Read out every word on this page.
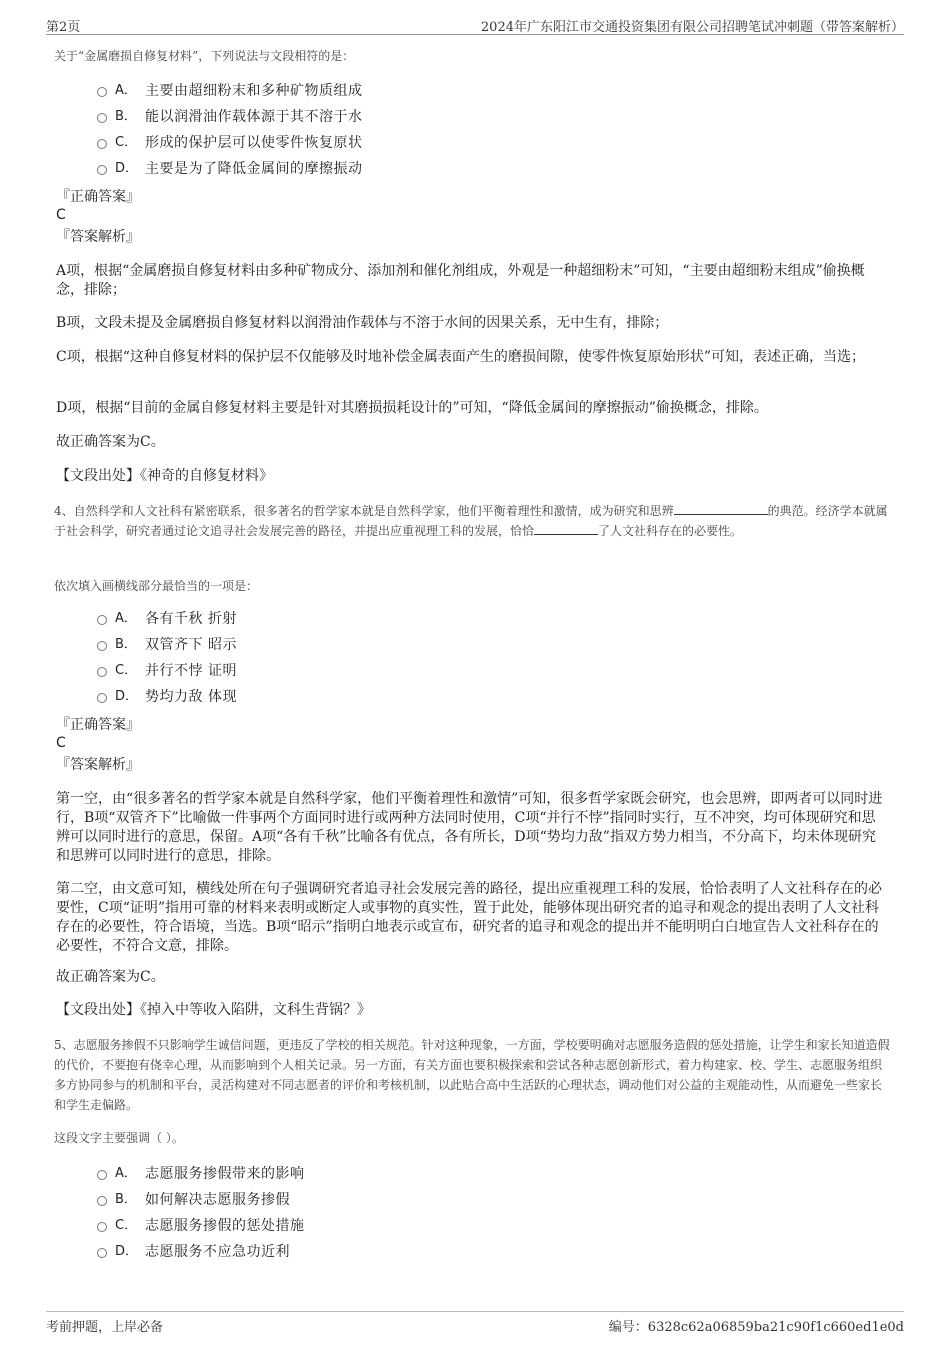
第2页	2024年广东阳江市交通投资集团有限公司招聘笔试冲刺题（带答案解析）
关于“金属磨损自修复材料”，下列说法与文段相符的是：
A． 主要由超细粉末和多种矿物质组成
B． 能以润滑油作载体源于其不溶于水
C． 形成的保护层可以使零件恢复原状
D． 主要是为了降低金属间的摩擦振动
『正确答案』
C
『答案解析』
A项，根据“金属磨损自修复材料由多种矿物成分、添加剂和催化剂组成，外观是一种超细粉末”可知，“主要由超细粉末组成”偷换概念，排除；
B项，文段未提及金属磨损自修复材料以润滑油作载体与不溶于水间的因果关系，无中生有，排除；
C项，根据“这种自修复材料的保护层不仅能够及时地补偿金属表面产生的磨损间隙，使零件恢复原始形状”可知，表述正确，当选；
D项，根据“目前的金属自修复材料主要是针对其磨损损耗设计的”可知，“降低金属间的摩擦振动”偷换概念，排除。
故正确答案为C。
【文段出处】《神奇的自修复材料》
4、自然科学和人文社科有紧密联系，很多著名的哲学家本就是自然科学家，他们平衡着理性和激情，成为研究和思辨	的典范。经济学本就属于社会科学，研究者通过论文追寻社会发展完善的路径，并提出应重视理工科的发展，恰恰	了人文社科存在的必要性。
依次填入画横线部分最恰当的一项是：
A． 各有千秋 折射
B． 双管齐下 昭示
C． 并行不悖 证明
D． 势均力敌 体现
『正确答案』
C
『答案解析』
第一空，由“很多著名的哲学家本就是自然科学家，他们平衡着理性和激情”可知，很多哲学家既会研究，也会思辨，即两者可以同时进行，B项“双管齐下”比喻做一件事两个方面同时进行或两种方法同时使用，C项“并行不悖”指同时实行，互不冲突，均可体现研究和思辨可以同时进行的意思，保留。A项“各有千秋”比喻各有优点，各有所长，D项“势均力敌”指双方势力相当，不分高下，均未体现研究和思辨可以同时进行的意思，排除。
第二空，由文意可知，横线处所在句子强调研究者追寻社会发展完善的路径，提出应重视理工科的发展，恰恰表明了人文社科存在的必要性，C项“证明”指用可靠的材料来表明或断定人或事物的真实性，置于此处，能够体现出研究者的追寻和观念的提出表明了人文社科存在的必要性，符合语境，当选。B项“昭示”指明白地表示或宣布，研究者的追寻和观念的提出并不能明明白白地宣告人文社科存在的必要性，不符合文意，排除。
故正确答案为C。
【文段出处】《掉入中等收入陷阱，文科生背锅？》
5、志愿服务掺假不只影响学生诚信问题，更违反了学校的相关规范。针对这种现象，一方面，学校要明确对志愿服务造假的惩处措施，让学生和家长知道造假的代价，不要抱有侥幸心理，从而影响到个人相关记录。另一方面，有关方面也要积极探索和尝试各种志愿创新形式，着力构建家、校、学生、志愿服务组织多方协同参与的机制和平台，灵活构建对不同志愿者的评价和考核机制，以此贴合高中生活跃的心理状态，调动他们对公益的主观能动性，从而避免一些家长和学生走偏路。
这段文字主要强调（ ）。
A． 志愿服务掺假带来的影响
B． 如何解决志愿服务掺假
C． 志愿服务掺假的惩处措施
D． 志愿服务不应急功近利
考前押题，上岸必备	编号：6328c62a06859ba21c90f1c660ed1e0d
